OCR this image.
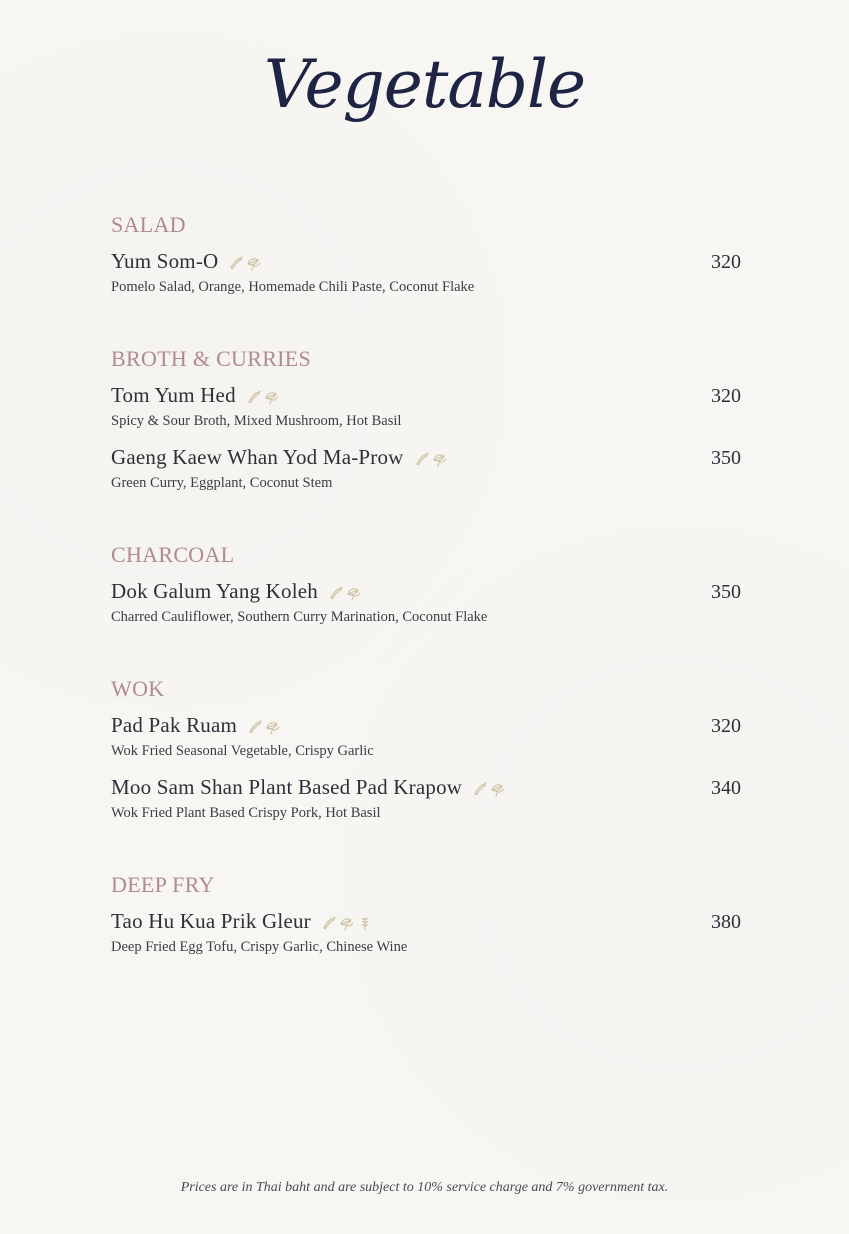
Vegetable
SALAD
Yum Som-O	320
Pomelo Salad, Orange, Homemade Chili Paste, Coconut Flake
BROTH & CURRIES
Tom Yum Hed	320
Spicy & Sour Broth, Mixed Mushroom, Hot Basil
Gaeng Kaew Whan Yod Ma-Prow	350
Green Curry, Eggplant, Coconut Stem
CHARCOAL
Dok Galum Yang Koleh	350
Charred Cauliflower, Southern Curry Marination, Coconut Flake
WOK
Pad Pak Ruam	320
Wok Fried Seasonal Vegetable, Crispy Garlic
Moo Sam Shan Plant Based Pad Krapow	340
Wok Fried Plant Based Crispy Pork, Hot Basil
DEEP FRY
Tao Hu Kua Prik Gleur	380
Deep Fried Egg Tofu, Crispy Garlic, Chinese Wine
Prices are in Thai baht and are subject to 10% service charge and 7% government tax.
